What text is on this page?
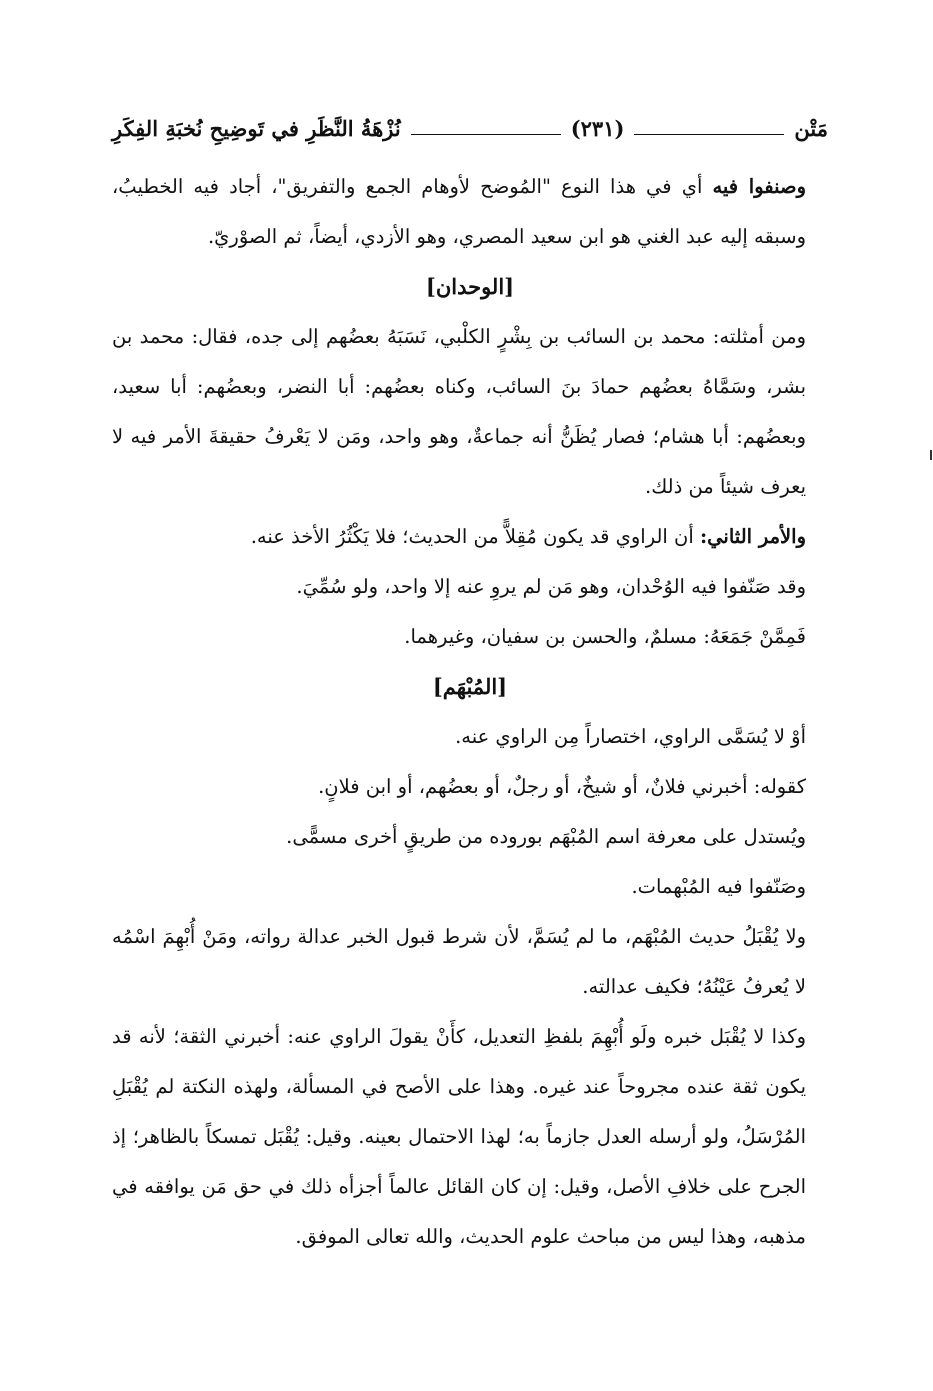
مَتْن
(٢٣١)
نُزْهَةُ النَّظَرِ في تَوضِيحِ نُخبَةِ الفِكَرِ

وصنفوا فيه أي في هذا النوع "المُوضح لأوهام الجمع والتفريق"، أجاد فيه الخطيبُ، وسبقه إليه عبد الغني هو ابن سعيد المصري، وهو الأزدي، أيضاً، ثم الصوْريّ.

[الوحدان]

ومن أمثلته: محمد بن السائب بن بِشْرٍ الكلْبي، نَسَبَهُ بعضُهم إلى جده، فقال: محمد بن بشر، وسَمَّاهُ بعضُهم حمادَ بنَ السائب، وكناه بعضُهم: أبا النضر، وبعضُهم: أبا سعيد، وبعضُهم: أبا هشام؛ فصار يُظَنُّ أنه جماعةٌ، وهو واحد، ومَن لا يَعْرفُ حقيقةَ الأمر فيه لا يعرف شيئاً من ذلك.

والأمر الثاني: أن الراوي قد يكون مُقِلاًّ من الحديث؛ فلا يَكْثُرُ الأخذ عنه.

وقد صَنّفوا فيه الوُحْدان، وهو مَن لم يروِ عنه إلا واحد، ولو سُمِّيَ.

فَمِمَّنْ جَمَعَهُ: مسلمٌ، والحسن بن سفيان، وغيرهما.

[المُبْهَم]

أوْ لا يُسَمَّى الراوي، اختصاراً مِن الراوي عنه.

كقوله: أخبرني فلانٌ، أو شيخٌ، أو رجلٌ، أو بعضُهم، أو ابن فلانٍ.

ويُستدل على معرفة اسم المُبْهَم بوروده من طريقٍ أخرى مسمًّى.

وصَنّفوا فيه المُبْهمات.

ولا يُقْبَلُ حديث المُبْهَم، ما لم يُسَمَّ، لأن شرط قبول الخبر عدالة رواته، ومَنْ أُبْهِمَ اسْمُه لا يُعرفُ عَيْنُهُ؛ فكيف عدالته.

وكذا لا يُقْبَل خبره ولَو أُبْهِمَ بلفظِ التعديل، كأَنْ يقولَ الراوي عنه: أخبرني الثقة؛ لأنه قد يكون ثقة عنده مجروحاً عند غيره. وهذا على الأصح في المسألة، ولهذه النكتة لم يُقْبَلِ المُرْسَلُ، ولو أرسله العدل جازماً به؛ لهذا الاحتمال بعينه. وقيل: يُقْبَل تمسكاً بالظاهر؛ إذ الجرح على خلافِ الأصل، وقيل: إن كان القائل عالماً أجزأه ذلك في حق مَن يوافقه في مذهبه، وهذا ليس من مباحث علوم الحديث، والله تعالى الموفق.
